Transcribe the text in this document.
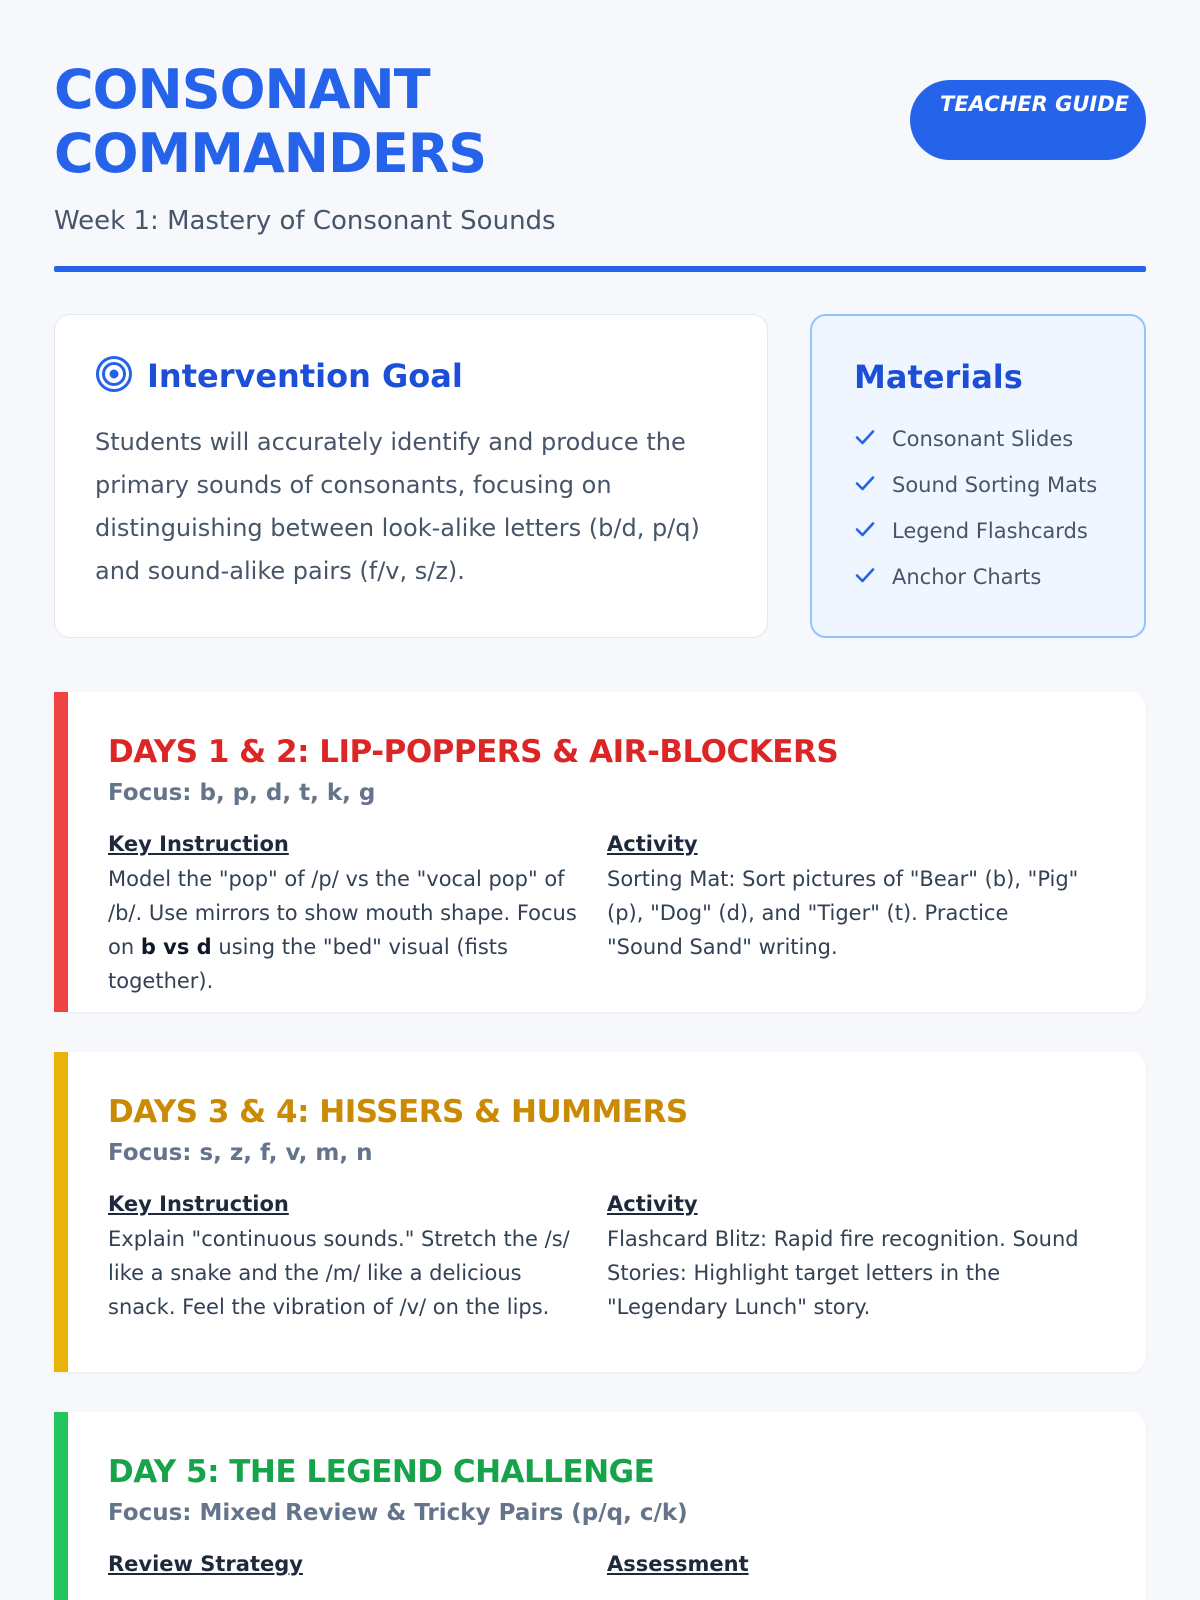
CONSONANT COMMANDERS
Week 1: Mastery of Consonant Sounds
TEACHER GUIDE
Intervention Goal

Students will accurately identify and produce the primary sounds of consonants, focusing on distinguishing between look-alike letters (b/d, p/q) and sound-alike pairs (f/v, s/z).

Materials
Consonant Slides
Sound Sorting Mats
Legend Flashcards
Anchor Charts
DAYS 1 & 2: LIP-POPPERS & AIR-BLOCKERS
Focus: b, p, d, t, k, g
Key Instruction

Model the "pop" of /p/ vs the "vocal pop" of /b/. Use mirrors to show mouth shape. Focus on b vs d using the "bed" visual (fists together).

Activity

Sorting Mat: Sort pictures of "Bear" (b), "Pig" (p), "Dog" (d), and "Tiger" (t). Practice "Sound Sand" writing.

DAYS 3 & 4: HISSERS & HUMMERS
Focus: s, z, f, v, m, n
Key Instruction

Explain "continuous sounds." Stretch the /s/ like a snake and the /m/ like a delicious snack. Feel the vibration of /v/ on the lips.

Activity

Flashcard Blitz: Rapid fire recognition. Sound Stories: Highlight target letters in the "Legendary Lunch" story.

DAY 5: THE LEGEND CHALLENGE
Focus: Mixed Review & Tricky Pairs (p/q, c/k)
Review Strategy	Assessment
